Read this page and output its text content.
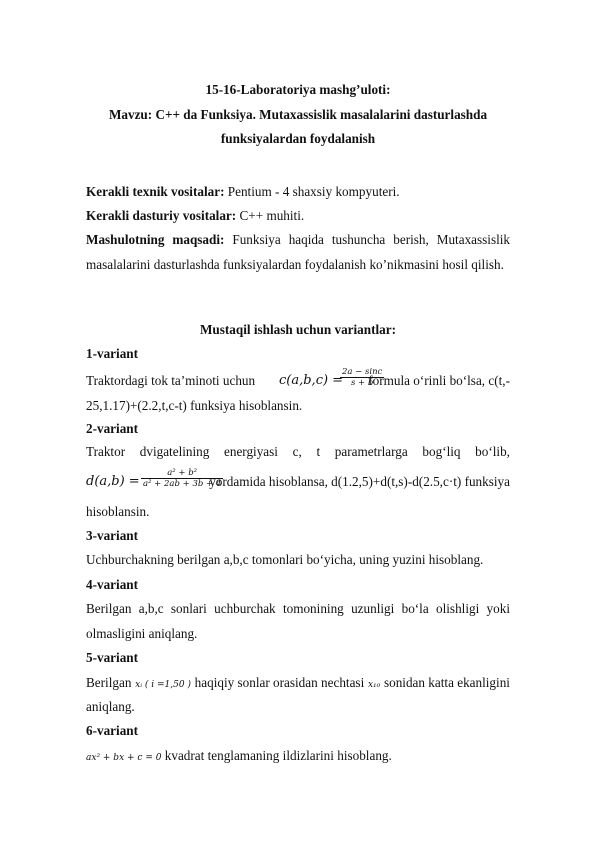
15-16-Laboratoriya mashg’uloti:
Mavzu: C++ da Funksiya. Mutaxassislik masalalarini dasturlashda
funksiyalardan foydalanish
Kerakli texnik vositalar: Pentium - 4 shaxsiy kompyuteri.
Kerakli dasturiy vositalar: C++ muhiti.
Mashulotning maqsadi: Funksiya haqida tushuncha berish, Mutaxassislik
masalalarini dasturlashda funksiyalardan foydalanish ko’nikmasini hosil qilish.
Mustaqil ishlash uchun variantlar:
1-variant
Traktordagi tok ta’minoti uchun c(a,b,c) =
$\frac{2a - \sin c}{s + b}$
formula o‘rinli bo‘lsa, c(t,-
25,1.17)+(2.2,t,c-t) funksiya hisoblansin.
2-variant
Traktor dvigatelining energiyasi c, t parametrlarga bog‘liq bo‘lib,
$d(a,b) = \frac{\text{a² + b²}}{\text{a² + 2ab + 3b + 4}}$
yordamida hisoblansa, d(1.2,5)+d(t,s)-d(2.5,c·t) funksiya
hisoblansin.
3-variant
Uchburchakning berilgan a,b,c tomonlari bo‘yicha, uning yuzini hisoblang.
4-variant
Berilgan a,b,c sonlari uchburchak tomonining uzunligi bo‘la olishligi yoki
olmasligini aniqlang.
5-variant
Berilgan xᵢ ( i =1,50 ) haqiqiy sonlar orasidan nechtasi x₁₀ sonidan katta ekanligini
aniqlang.
6-variant
ax² + bx + c = 0 kvadrat tenglamaning ildizlarini hisoblang.
